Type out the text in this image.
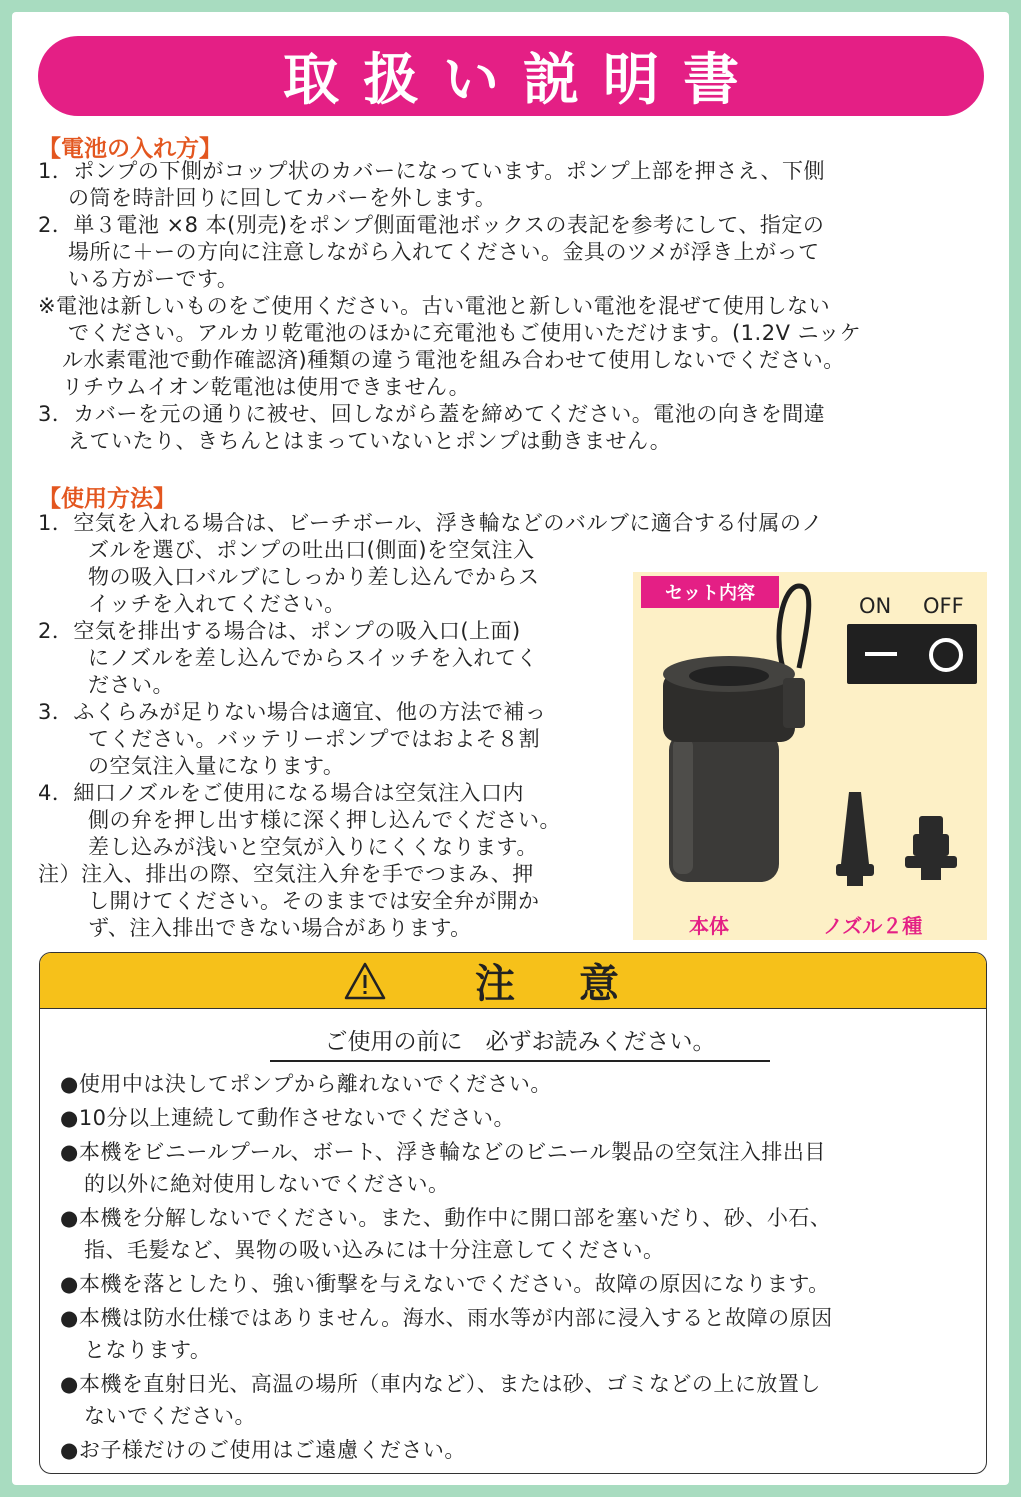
取扱い説明書
【電池の入れ方】
1．ポンプの下側がコップ状のカバーになっています。ポンプ上部を押さえ、下側
の筒を時計回りに回してカバーを外します。
2．単３電池 ×8 本(別売)をポンプ側面電池ボックスの表記を参考にして、指定の
場所に＋ーの方向に注意しながら入れてください。金具のツメが浮き上がって
いる方がーです。
※電池は新しいものをご使用ください。古い電池と新しい電池を混ぜて使用しない
でください。アルカリ乾電池のほかに充電池もご使用いただけます。(1.2V ニッケ
ル水素電池で動作確認済)種類の違う電池を組み合わせて使用しないでください。
リチウムイオン乾電池は使用できません。
3．カバーを元の通りに被せ、回しながら蓋を締めてください。電池の向きを間違
えていたり、きちんとはまっていないとポンプは動きません。
【使用方法】
1．空気を入れる場合は、ビーチボール、浮き輪などのバルブに適合する付属のノ
ズルを選び、ポンプの吐出口(側面)を空気注入
物の吸入口バルブにしっかり差し込んでからス
イッチを入れてください。
2．空気を排出する場合は、ポンプの吸入口(上面)
にノズルを差し込んでからスイッチを入れてく
ださい。
3．ふくらみが足りない場合は適宜、他の方法で補っ
てください。バッテリーポンプではおよそ８割
の空気注入量になります。
4．細口ノズルをご使用になる場合は空気注入口内
側の弁を押し出す様に深く押し込んでください。
差し込みが浅いと空気が入りにくくなります。
注）注入、排出の際、空気注入弁を手でつまみ、押
し開けてください。そのままでは安全弁が開か
ず、注入排出できない場合があります。
セット内容
ON OFF
本体	ノズル２種
注意
ご使用の前に　必ずお読みください。
●使用中は決してポンプから離れないでください。
●10分以上連続して動作させないでください。
●本機をビニールプール、ボート、浮き輪などのビニール製品の空気注入排出目
的以外に絶対使用しないでください。
●本機を分解しないでください。また、動作中に開口部を塞いだり、砂、小石、
指、毛髪など、異物の吸い込みには十分注意してください。
●本機を落としたり、強い衝撃を与えないでください。故障の原因になります。
●本機は防水仕様ではありません。海水、雨水等が内部に浸入すると故障の原因
となります。
●本機を直射日光、高温の場所（車内など）、または砂、ゴミなどの上に放置し
ないでください。
●お子様だけのご使用はご遠慮ください。
